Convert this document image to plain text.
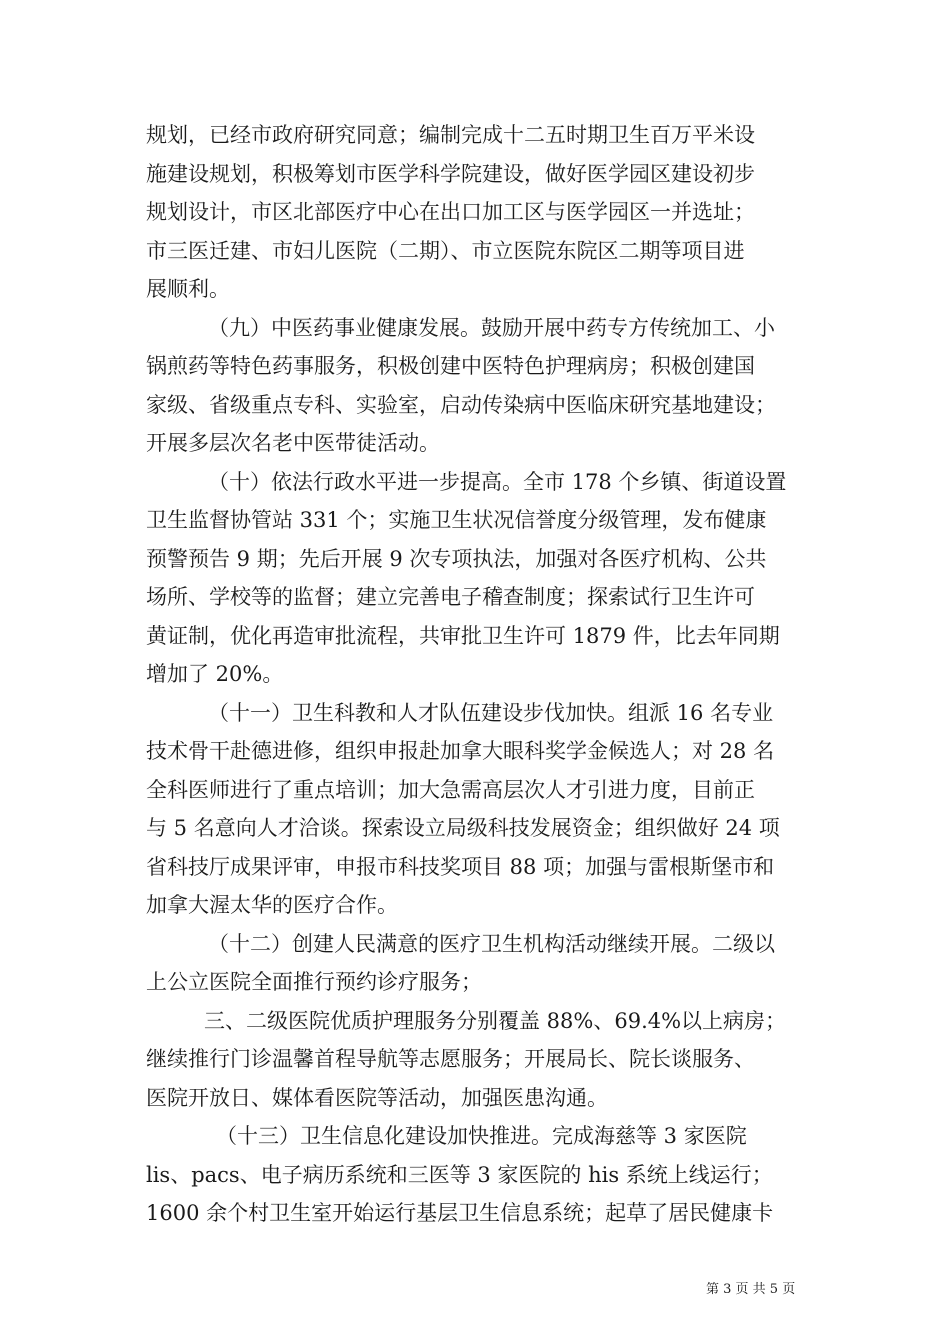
规划，已经市政府研究同意；编制完成十二五时期卫生百万平米设
施建设规划，积极筹划市医学科学院建设，做好医学园区建设初步
规划设计，市区北部医疗中心在出口加工区与医学园区一并选址；
市三医迁建、市妇儿医院（二期）、市立医院东院区二期等项目进
展顺利。
（九）中医药事业健康发展。鼓励开展中药专方传统加工、小
锅煎药等特色药事服务，积极创建中医特色护理病房；积极创建国
家级、省级重点专科、实验室，启动传染病中医临床研究基地建设；
开展多层次名老中医带徒活动。
（十）依法行政水平进一步提高。全市 178 个乡镇、街道设置
卫生监督协管站 331 个；实施卫生状况信誉度分级管理，发布健康
预警预告 9 期；先后开展 9 次专项执法，加强对各医疗机构、公共
场所、学校等的监督；建立完善电子稽查制度；探索试行卫生许可
黄证制，优化再造审批流程，共审批卫生许可 1879 件，比去年同期
增加了 20%。
（十一）卫生科教和人才队伍建设步伐加快。组派 16 名专业
技术骨干赴德进修，组织申报赴加拿大眼科奖学金候选人；对 28 名
全科医师进行了重点培训；加大急需高层次人才引进力度，目前正
与 5 名意向人才洽谈。探索设立局级科技发展资金；组织做好 24 项
省科技厅成果评审，申报市科技奖项目 88 项；加强与雷根斯堡市和
加拿大渥太华的医疗合作。
（十二）创建人民满意的医疗卫生机构活动继续开展。二级以
上公立医院全面推行预约诊疗服务；
三、二级医院优质护理服务分别覆盖 88%、69.4%以上病房；
继续推行门诊温馨首程导航等志愿服务；开展局长、院长谈服务、
医院开放日、媒体看医院等活动，加强医患沟通。
（十三）卫生信息化建设加快推进。完成海慈等 3 家医院
lis、pacs、电子病历系统和三医等 3 家医院的 his 系统上线运行；
1600 余个村卫生室开始运行基层卫生信息系统；起草了居民健康卡
第 3 页 共 5 页
